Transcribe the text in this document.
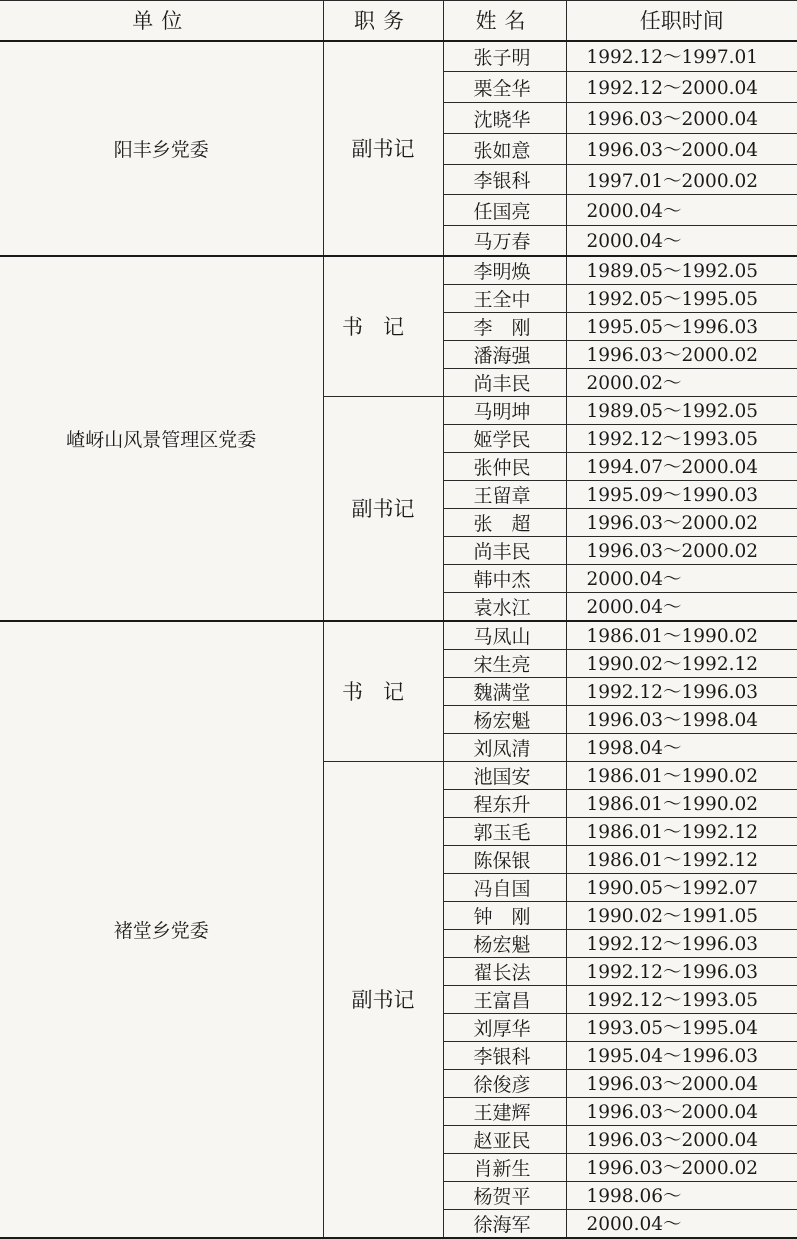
单位	职务	姓名	任职时间
阳丰乡党委	副书记	张子明	1992.12～1997.01
		栗全华	1992.12～2000.04
		沈晓华	1996.03～2000.04
		张如意	1996.03～2000.04
		李银科	1997.01～2000.02
		任国亮	2000.04～
		马万春	2000.04～
嵖岈山风景管理区党委	书记	李明焕	1989.05～1992.05
		王全中	1992.05～1995.05
		李　刚	1995.05～1996.03
		潘海强	1996.03～2000.02
		尚丰民	2000.02～
	副书记	马明坤	1989.05～1992.05
		姬学民	1992.12～1993.05
		张仲民	1994.07～2000.04
		王留章	1995.09～1990.03
		张　超	1996.03～2000.02
		尚丰民	1996.03～2000.02
		韩中杰	2000.04～
		袁水江	2000.04～
褚堂乡党委	书记	马凤山	1986.01～1990.02
		宋生亮	1990.02～1992.12
		魏满堂	1992.12～1996.03
		杨宏魁	1996.03～1998.04
		刘凤清	1998.04～
	副书记	池国安	1986.01～1990.02
		程东升	1986.01～1990.02
		郭玉毛	1986.01～1992.12
		陈保银	1986.01～1992.12
		冯自国	1990.05～1992.07
		钟　刚	1990.02～1991.05
		杨宏魁	1992.12～1996.03
		翟长法	1992.12～1996.03
		王富昌	1992.12～1993.05
		刘厚华	1993.05～1995.04
		李银科	1995.04～1996.03
		徐俊彦	1996.03～2000.04
		王建辉	1996.03～2000.04
		赵亚民	1996.03～2000.04
		肖新生	1996.03～2000.02
		杨贺平	1998.06～
		徐海军	2000.04～
